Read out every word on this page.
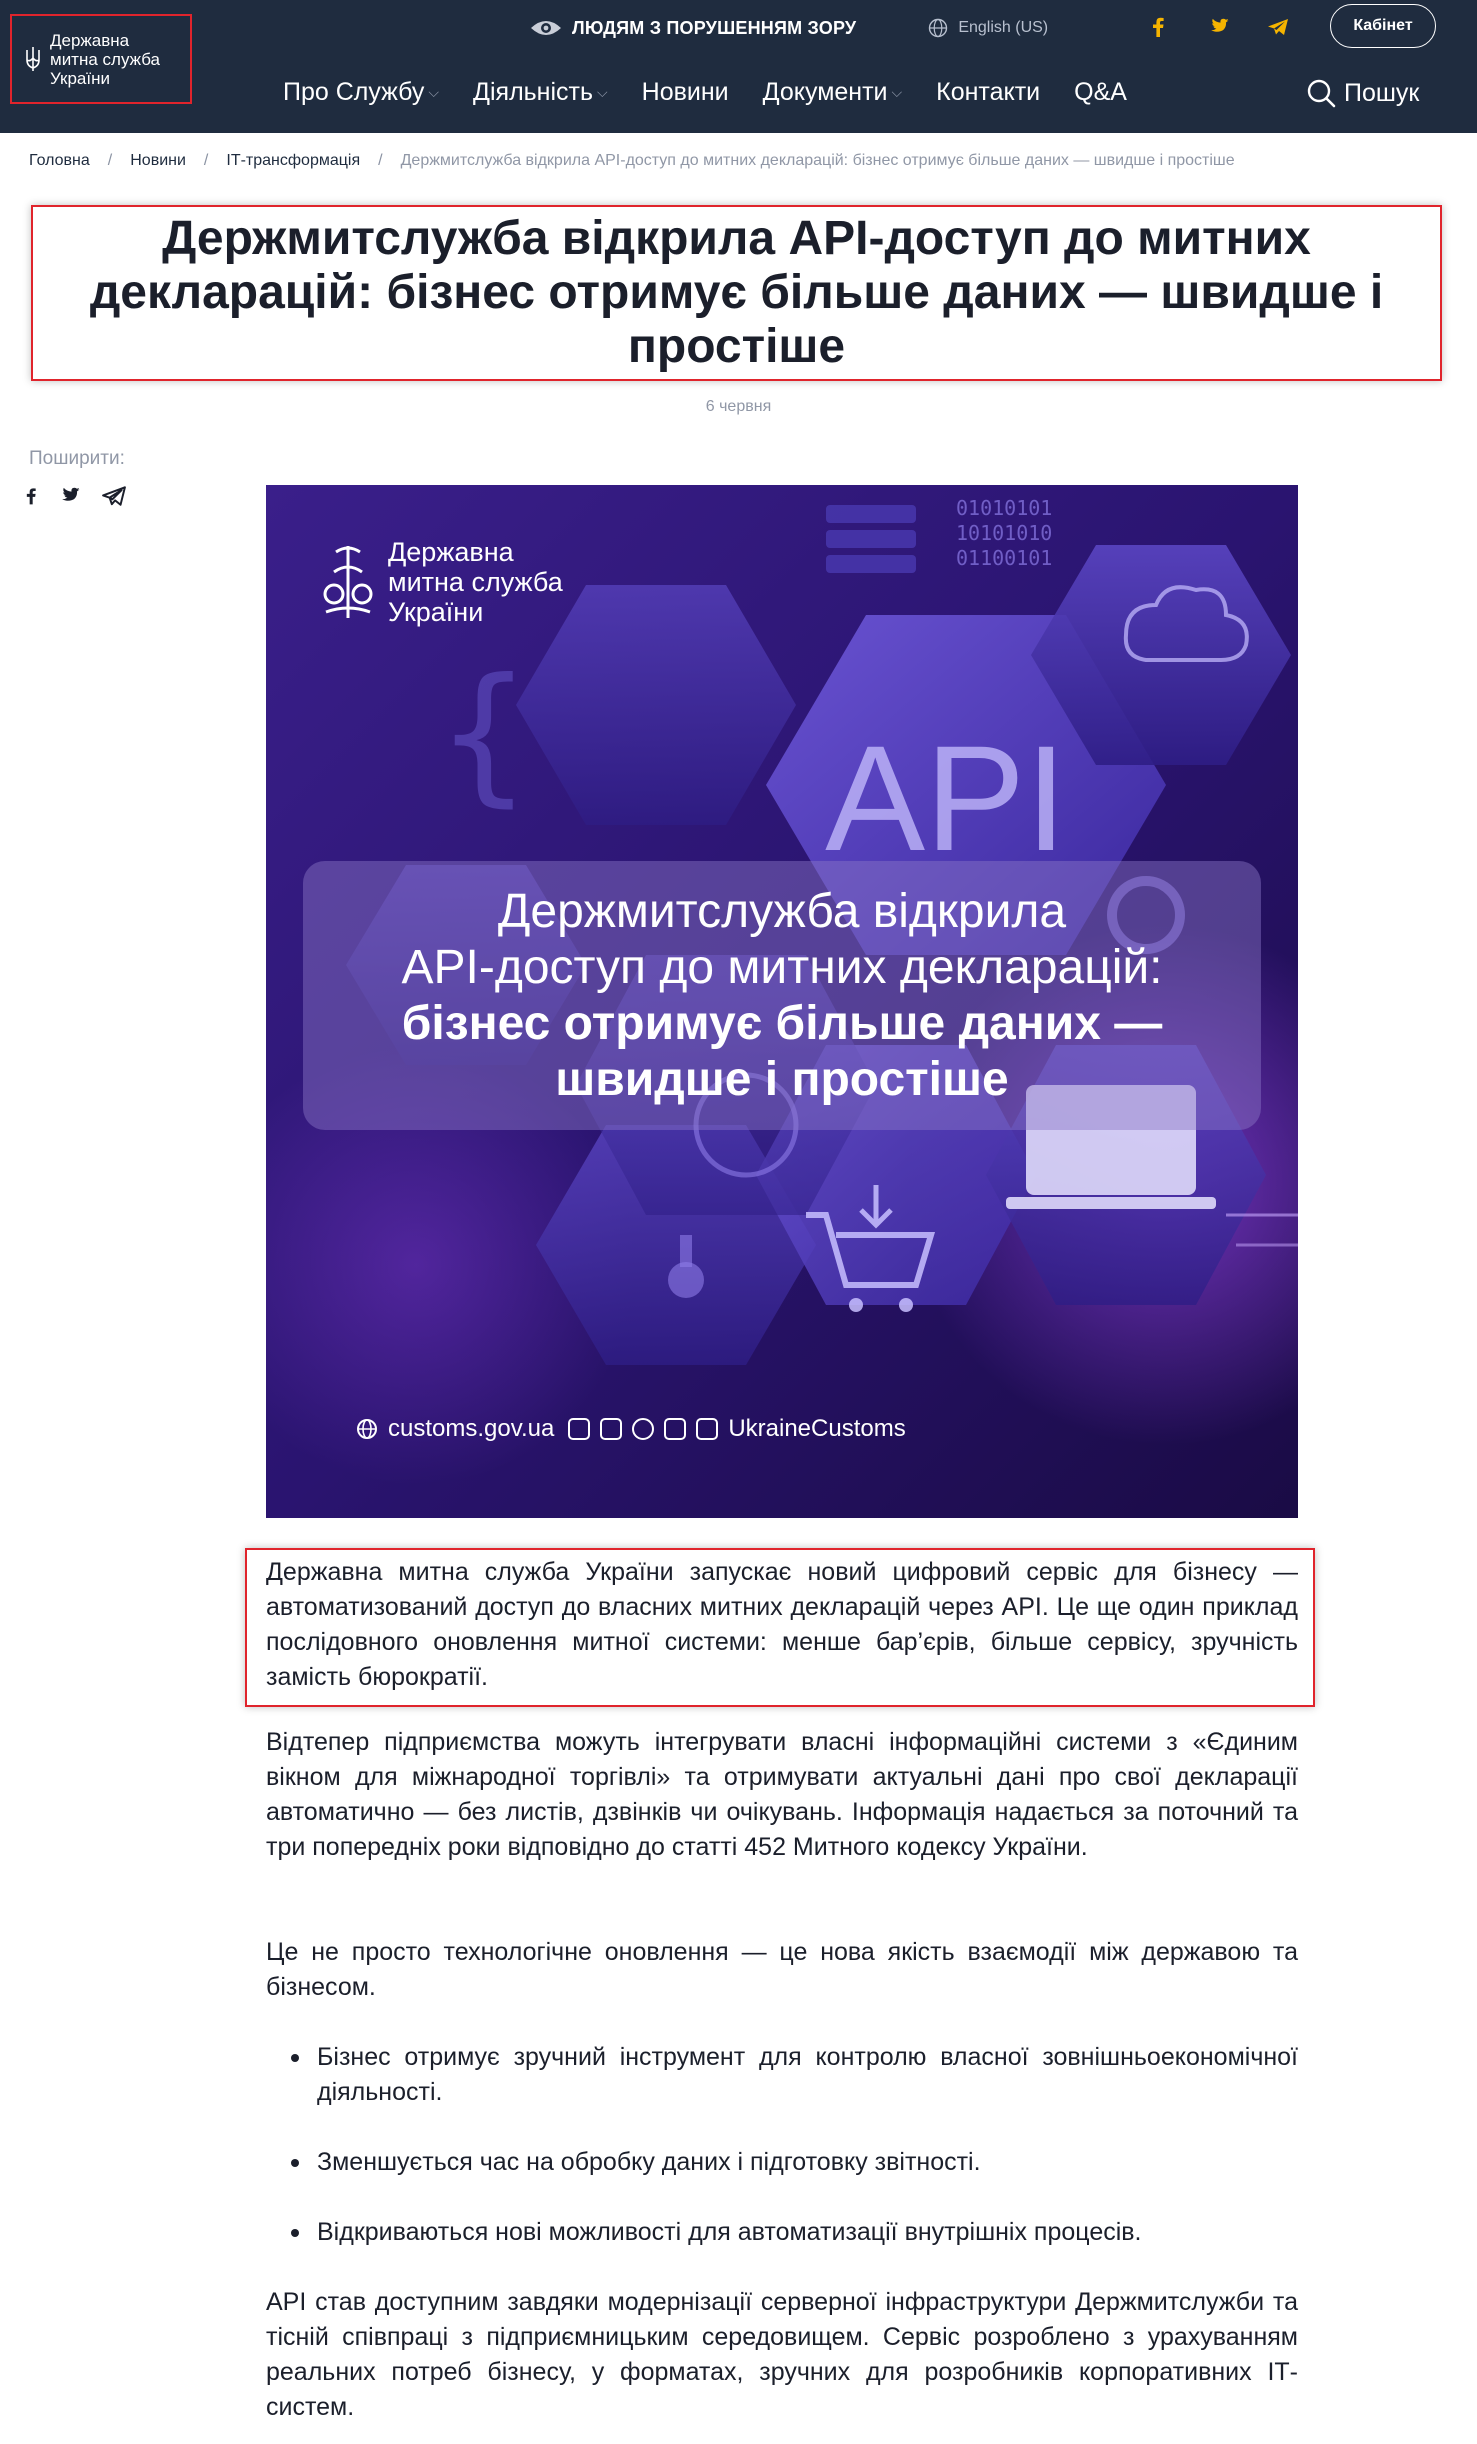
Державна
митна служба
України
ЛЮДЯМ З ПОРУШЕННЯМ ЗОРУ	English (US)	Кабінет
Про Службу ⌵ Діяльність ⌵ Новини Документи ⌵ Контакти Q&A	Пошук
Головна / Новини / ІТ-трансформація / Держмитслужба відкрила API-доступ до митних декларацій: бізнес отримує більше даних — швидше і простіше
Держмитслужба відкрила API-доступ до митних декларацій: бізнес отримує більше даних — швидше і простіше
6 червня
Поширити:
01010101
10101010
01100101
API
{
Державна
митна служба
України
Держмитслужба відкрила
API-доступ до митних декларацій:
бізнес отримує більше даних —
швидше і простіше
customs.gov.ua	UkraineCustoms

Державна митна служба України запускає новий цифровий сервіс для бізнесу — автоматизований доступ до власних митних декларацій через API. Це ще один приклад послідовного оновлення митної системи: менше бар’єрів, більше сервісу, зручність замість бюрократії.

Відтепер підприємства можуть інтегрувати власні інформаційні системи з «Єдиним вікном для міжнародної торгівлі» та отримувати актуальні дані про свої декларації автоматично — без листів, дзвінків чи очікувань. Інформація надається за поточний та три попередніх роки відповідно до статті 452 Митного кодексу України.

Це не просто технологічне оновлення — це нова якість взаємодії між державою та бізнесом.

Бізнес отримує зручний інструмент для контролю власної зовнішньоекономічної діяльності.
Зменшується час на обробку даних і підготовку звітності.
Відкриваються нові можливості для автоматизації внутрішніх процесів.

API став доступним завдяки модернізації серверної інфраструктури Держмитслужби та тісній співпраці з підприємницьким середовищем. Сервіс розроблено з урахуванням реальних потреб бізнесу, у форматах, зручних для розробників корпоративних ІТ-систем.
